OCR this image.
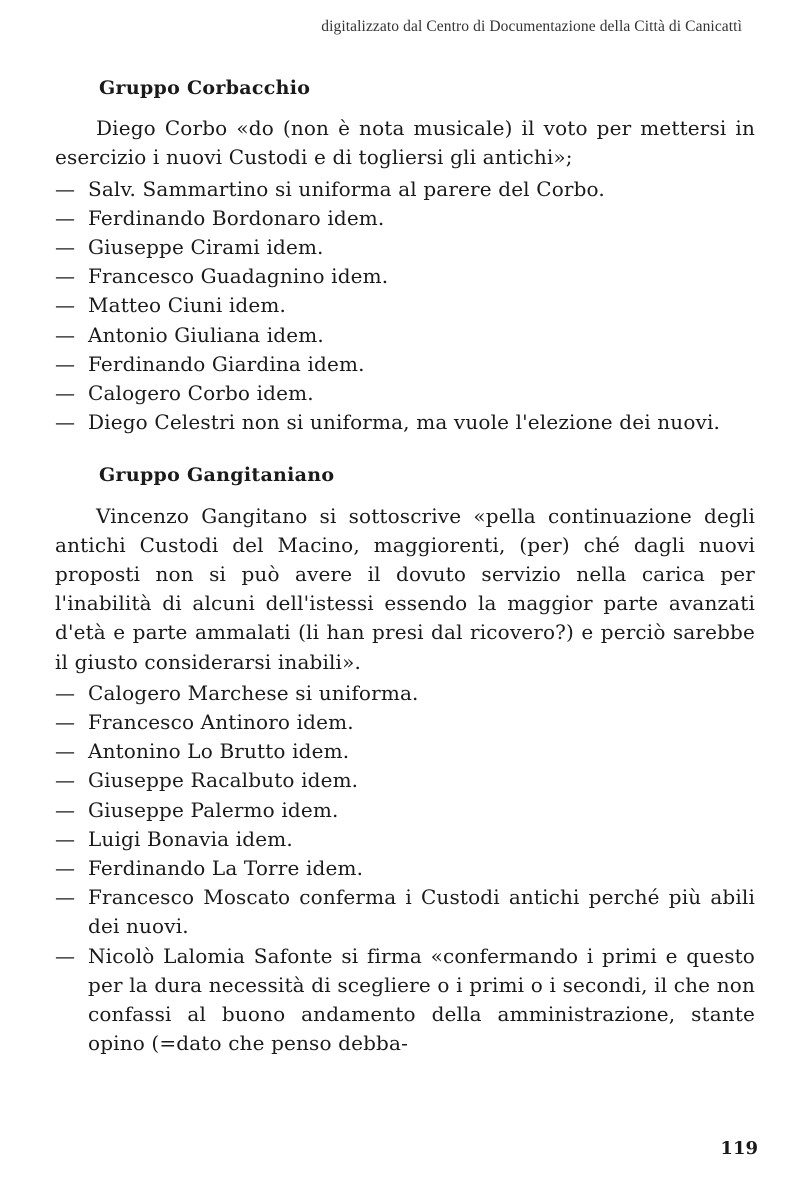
digitalizzato dal Centro di Documentazione della Città di Canicattì
Gruppo Corbacchio

Diego Corbo «do (non è nota musicale) il voto per mettersi in esercizio i nuovi Custodi e di togliersi gli antichi»;

— Salv. Sammartino si uniforma al parere del Corbo.
— Ferdinando Bordonaro idem.
— Giuseppe Cirami idem.
— Francesco Guadagnino idem.
— Matteo Ciuni idem.
— Antonio Giuliana idem.
— Ferdinando Giardina idem.
— Calogero Corbo idem.
— Diego Celestri non si uniforma, ma vuole l'elezione dei nuovi.
Gruppo Gangitaniano

Vincenzo Gangitano si sottoscrive «pella continuazione degli antichi Custodi del Macino, maggiorenti, (per) ché dagli nuovi proposti non si può avere il dovuto servizio nella carica per l'inabilità di alcuni dell'istessi essendo la maggior parte avanzati d'età e parte ammalati (li han presi dal ricovero?) e perciò sarebbe il giusto considerarsi inabili».

— Calogero Marchese si uniforma.
— Francesco Antinoro idem.
— Antonino Lo Brutto idem.
— Giuseppe Racalbuto idem.
— Giuseppe Palermo idem.
— Luigi Bonavia idem.
— Ferdinando La Torre idem.
— Francesco Moscato conferma i Custodi antichi perché più abili dei nuovi.
— Nicolò Lalomia Safonte si firma «confermando i primi e questo per la dura necessità di scegliere o i primi o i secondi, il che non confassi al buono andamento della amministrazione, stante opino (=dato che penso debba-
119
